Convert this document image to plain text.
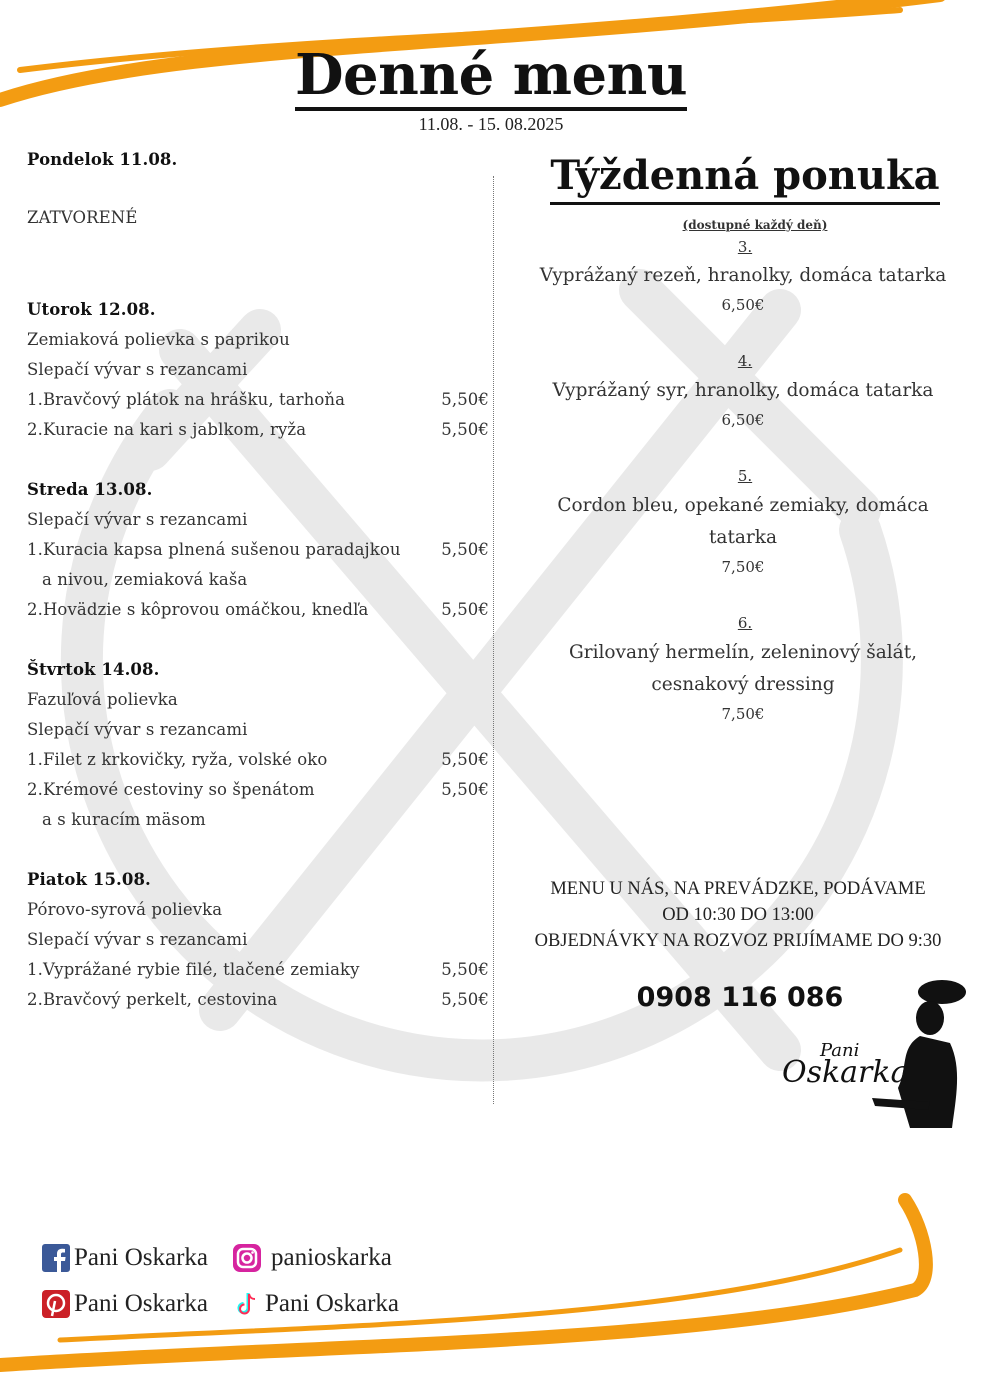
Denné menu
11.08. - 15. 08.2025
Pondelok 11.08.
ZATVORENÉ
Utorok 12.08.
Zemiaková polievka s paprikou
Slepačí vývar s rezancami
1.Bravčový plátok na hrášku, tarhoňa	5,50€
2.Kuracie na kari s jablkom, ryža	5,50€
Streda 13.08.
Slepačí vývar s rezancami
1.Kuracia kapsa plnená sušenou paradajkou 5,50€
a nivou, zemiaková kaša
2.Hovädzie s kôprovou omáčkou, knedľa	5,50€
Štvrtok 14.08.
Fazuľová polievka
Slepačí vývar s rezancami
1.Filet z krkovičky, ryža, volské oko	5,50€
2.Krémové cestoviny so špenátom	5,50€
a s kuracím mäsom
Piatok 15.08.
Pórovo-syrová polievka
Slepačí vývar s rezancami
1.Vyprážané rybie filé, tlačené zemiaky	5,50€
2.Bravčový perkelt, cestovina	5,50€
Týždenná ponuka
(dostupné každý deň)
3.
Vyprážaný rezeň, hranolky, domáca tatarka
6,50€
4.
Vyprážaný syr, hranolky, domáca tatarka
6,50€
5.
Cordon bleu, opekané zemiaky, domáca
tatarka
7,50€
6.
Grilovaný hermelín, zeleninový šalát,
cesnakový dressing
7,50€
MENU U NÁS, NA PREVÁDZKE, PODÁVAME
OD 10:30 DO 13:00
OBJEDNÁVKY NA ROZVOZ PRIJÍMAME DO 9:30
0908 116 086
Pani
Oskarka
Pani Oskarka	panioskarka
Pani Oskarka Pani Oskarka
